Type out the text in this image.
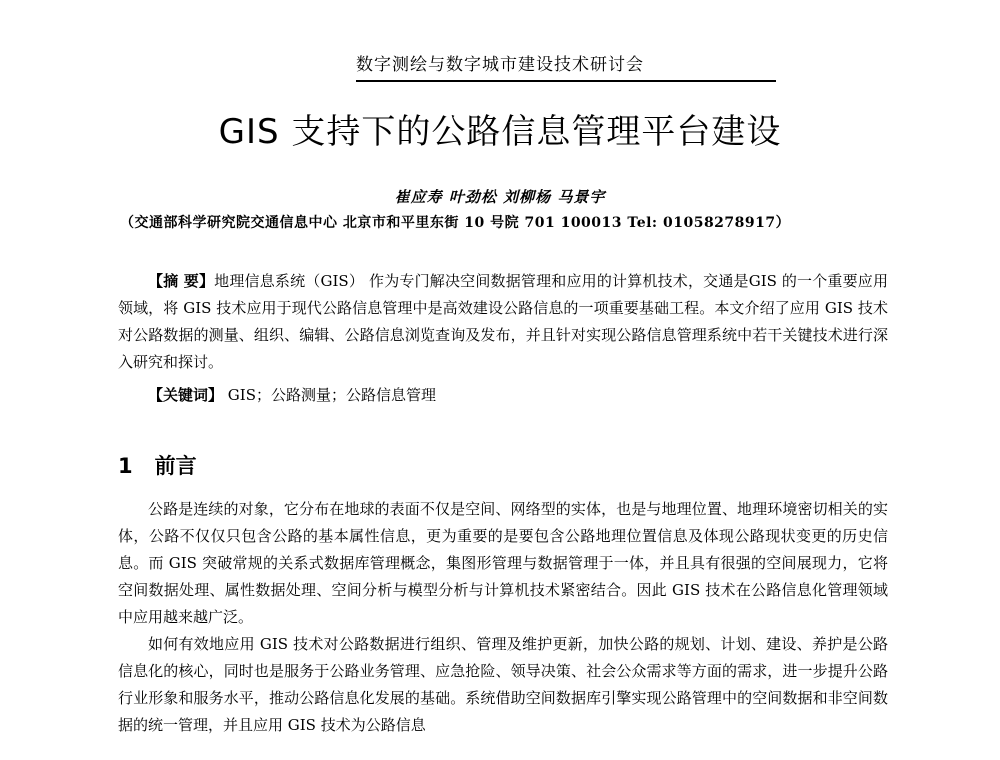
数字测绘与数字城市建设技术研讨会
GIS 支持下的公路信息管理平台建设
崔应寿 叶劲松 刘柳杨 马景宇
（交通部科学研究院交通信息中心 北京市和平里东街 10 号院 701 100013 Tel: 01058278917）

【摘 要】地理信息系统（GIS） 作为专门解决空间数据管理和应用的计算机技术，交通是GIS 的一个重要应用领域，将 GIS 技术应用于现代公路信息管理中是高效建设公路信息的一项重要基础工程。本文介绍了应用 GIS 技术对公路数据的测量、组织、编辑、公路信息浏览查询及发布，并且针对实现公路信息管理系统中若干关键技术进行深入研究和探讨。

【关键词】 GIS；公路测量；公路信息管理
1 前言

公路是连续的对象，它分布在地球的表面不仅是空间、网络型的实体，也是与地理位置、地理环境密切相关的实体，公路不仅仅只包含公路的基本属性信息，更为重要的是要包含公路地理位置信息及体现公路现状变更的历史信息。而 GIS 突破常规的关系式数据库管理概念，集图形管理与数据管理于一体，并且具有很强的空间展现力，它将空间数据处理、属性数据处理、空间分析与模型分析与计算机技术紧密结合。因此 GIS 技术在公路信息化管理领域中应用越来越广泛。

如何有效地应用 GIS 技术对公路数据进行组织、管理及维护更新，加快公路的规划、计划、建设、养护是公路信息化的核心，同时也是服务于公路业务管理、应急抢险、领导决策、社会公众需求等方面的需求，进一步提升公路行业形象和服务水平，推动公路信息化发展的基础。系统借助空间数据库引擎实现公路管理中的空间数据和非空间数据的统一管理，并且应用 GIS 技术为公路信息
